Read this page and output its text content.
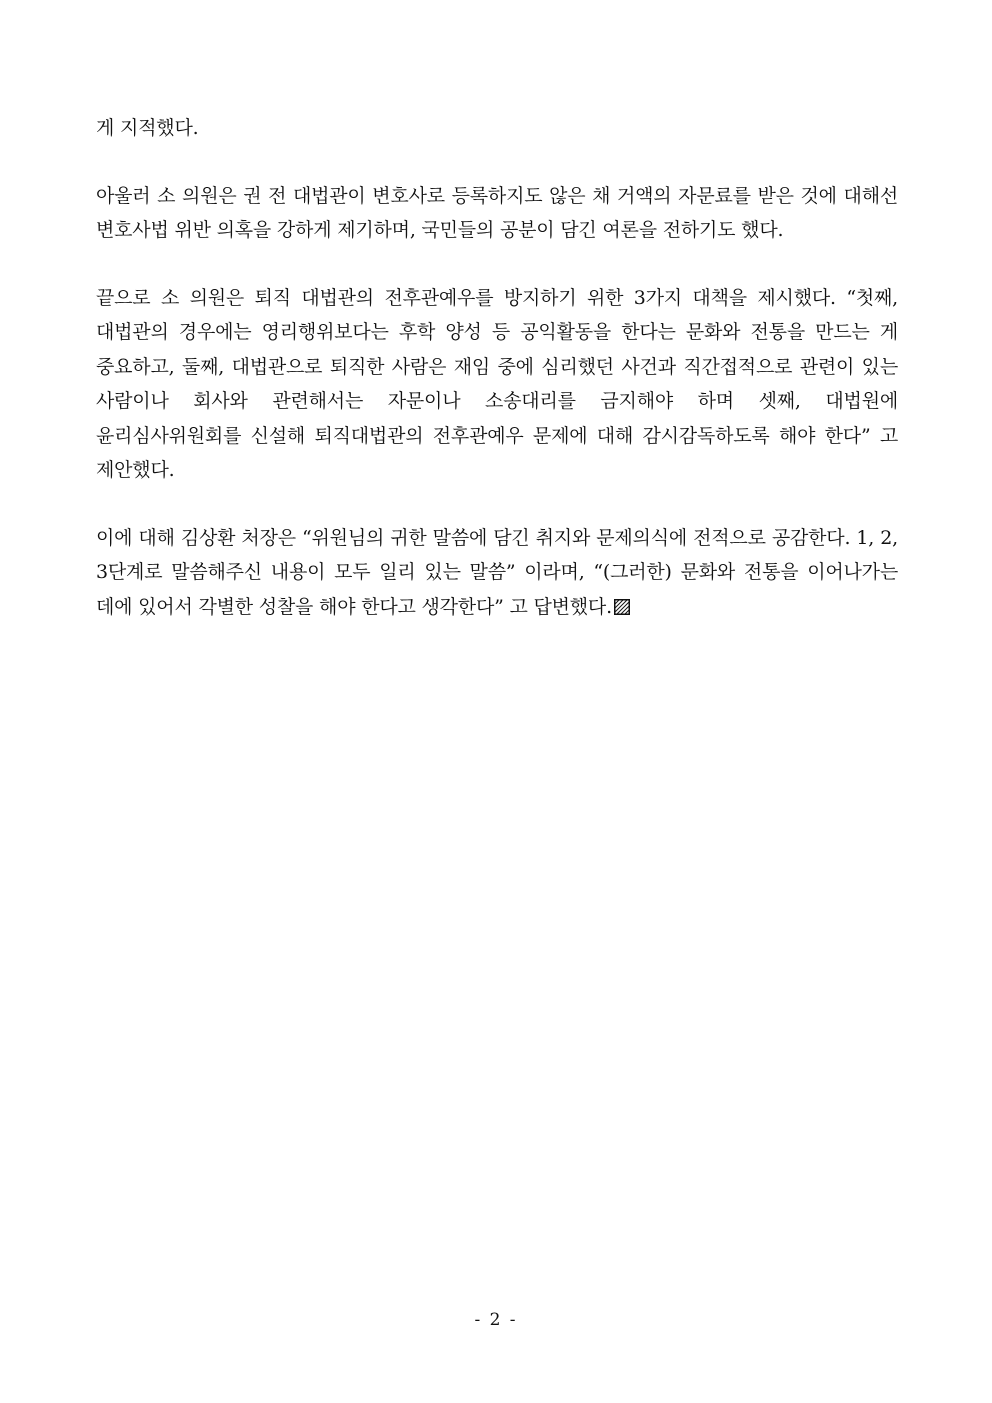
게 지적했다.

아울러 소 의원은 권 전 대법관이 변호사로 등록하지도 않은 채 거액의 자문료를 받은 것에 대해선 변호사법 위반 의혹을 강하게 제기하며, 국민들의 공분이 담긴 여론을 전하기도 했다.

끝으로 소 의원은 퇴직 대법관의 전후관예우를 방지하기 위한 3가지 대책을 제시했다. “첫째, 대법관의 경우에는 영리행위보다는 후학 양성 등 공익활동을 한다는 문화와 전통을 만드는 게 중요하고, 둘째, 대법관으로 퇴직한 사람은 재임 중에 심리했던 사건과 직간접적으로 관련이 있는 사람이나 회사와 관련해서는 자문이나 소송대리를 금지해야 하며 셋째, 대법원에 윤리심사위원회를 신설해 퇴직대법관의 전후관예우 문제에 대해 감시감독하도록 해야 한다” 고 제안했다.

이에 대해 김상환 처장은 “위원님의 귀한 말씀에 담긴 취지와 문제의식에 전적으로 공감한다. 1, 2, 3단계로 말씀해주신 내용이 모두 일리 있는 말씀” 이라며, “(그러한) 문화와 전통을 이어나가는 데에 있어서 각별한 성찰을 해야 한다고 생각한다” 고 답변했다.

- 2 -
